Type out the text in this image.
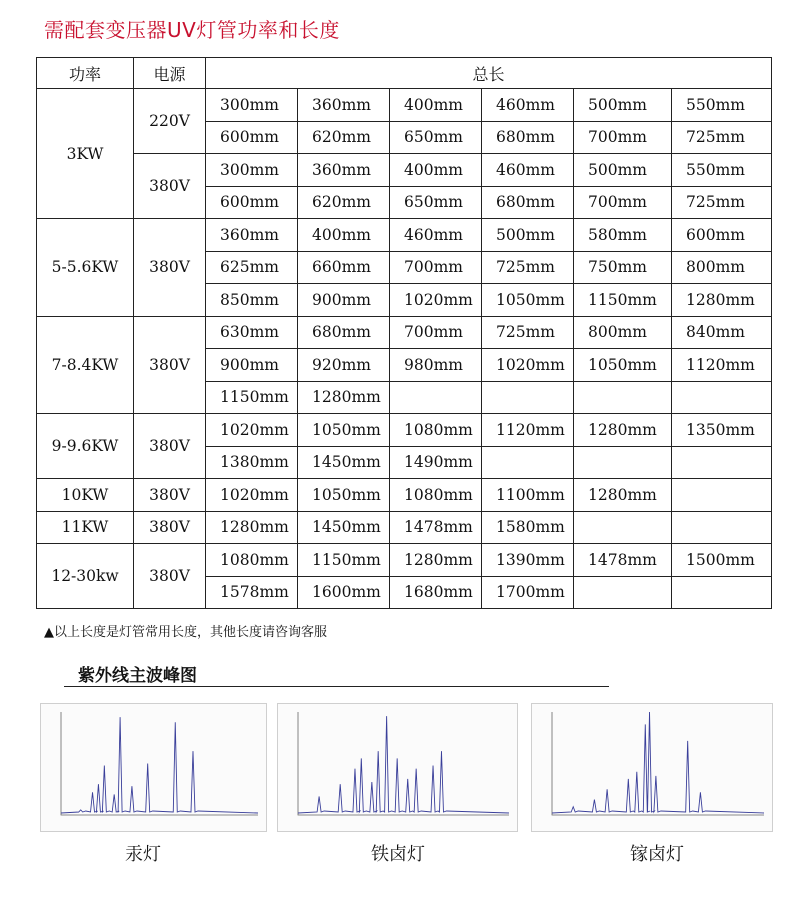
需配套变压器UV灯管功率和长度
功率	电源	总长					
3KW	220V	300mm	360mm	400mm	460mm	500mm	550mm
		600mm	620mm	650mm	680mm	700mm	725mm
	380V	300mm	360mm	400mm	460mm	500mm	550mm
		600mm	620mm	650mm	680mm	700mm	725mm
5-5.6KW	380V	360mm	400mm	460mm	500mm	580mm	600mm
		625mm	660mm	700mm	725mm	750mm	800mm
		850mm	900mm	1020mm	1050mm	1150mm	1280mm
7-8.4KW	380V	630mm	680mm	700mm	725mm	800mm	840mm
		900mm	920mm	980mm	1020mm	1050mm	1120mm
		1150mm	1280mm				
9-9.6KW	380V	1020mm	1050mm	1080mm	1120mm	1280mm	1350mm
		1380mm	1450mm	1490mm			
10KW	380V	1020mm	1050mm	1080mm	1100mm	1280mm	
11KW	380V	1280mm	1450mm	1478mm	1580mm		
12-30kw	380V	1080mm	1150mm	1280mm	1390mm	1478mm	1500mm
		1578mm	1600mm	1680mm	1700mm		
▲以上长度是灯管常用长度，其他长度请咨询客服
紫外线主波峰图
汞灯	铁卤灯	镓卤灯
